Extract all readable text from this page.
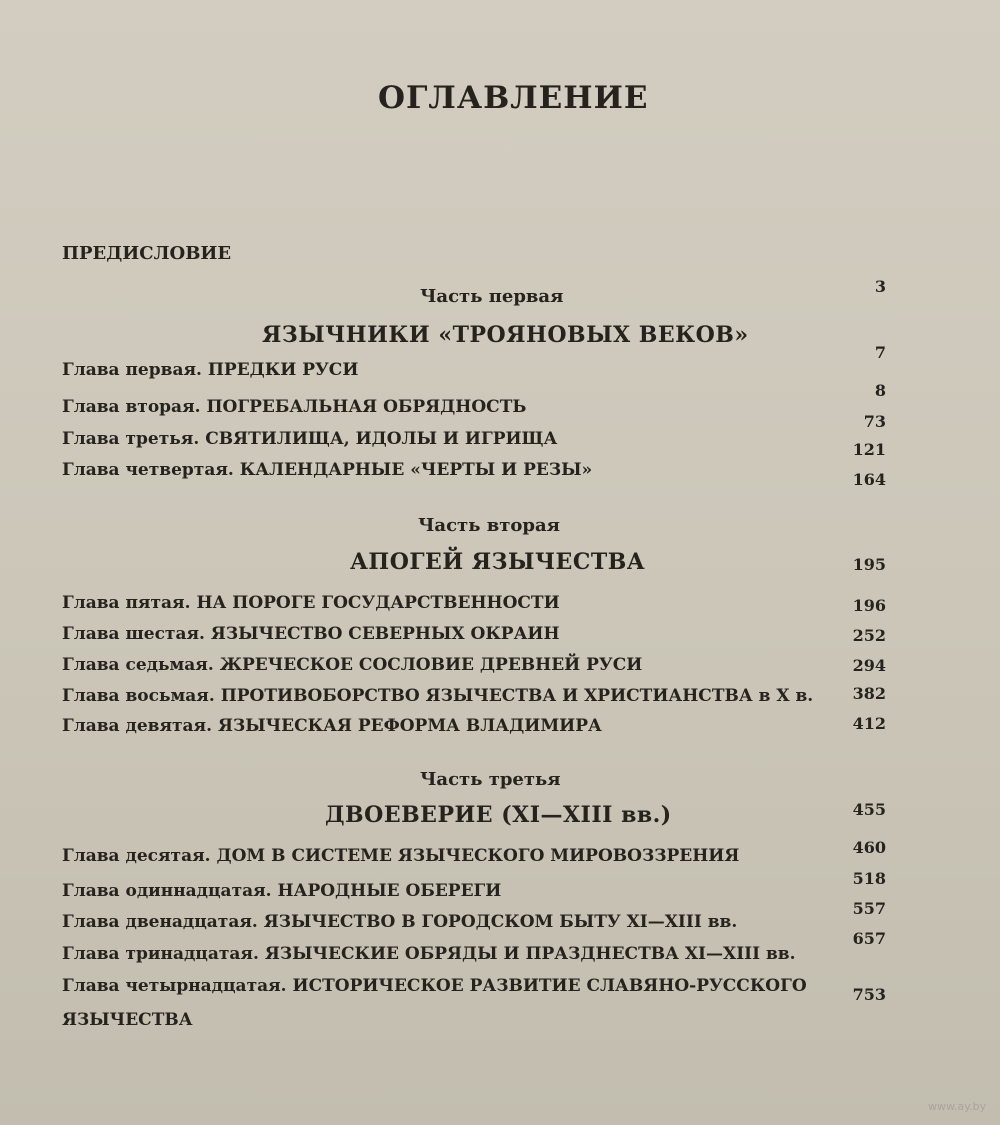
ОГЛАВЛЕНИЕ
ПРЕДИСЛОВИЕ
Часть первая
ЯЗЫЧНИКИ «ТРОЯНОВЫХ ВЕКОВ»
Глава первая. ПРЕДКИ РУСИ
Глава вторая. ПОГРЕБАЛЬНАЯ ОБРЯДНОСТЬ
Глава третья. СВЯТИЛИЩА, ИДОЛЫ И ИГРИЩА
Глава четвертая. КАЛЕНДАРНЫЕ «ЧЕРТЫ И РЕЗЫ»
Часть вторая
АПОГЕЙ ЯЗЫЧЕСТВА
Глава пятая. НА ПОРОГЕ ГОСУДАРСТВЕННОСТИ
Глава шестая. ЯЗЫЧЕСТВО СЕВЕРНЫХ ОКРАИН
Глава седьмая. ЖРЕЧЕСКОЕ СОСЛОВИЕ ДРЕВНЕЙ РУСИ
Глава восьмая. ПРОТИВОБОРСТВО ЯЗЫЧЕСТВА И ХРИСТИАНСТВА в X в.
Глава девятая. ЯЗЫЧЕСКАЯ РЕФОРМА ВЛАДИМИРА
Часть третья
ДВОЕВЕРИЕ (XI—XIII вв.)
Глава десятая. ДОМ В СИСТЕМЕ ЯЗЫЧЕСКОГО МИРОВОЗЗРЕНИЯ
Глава одиннадцатая. НАРОДНЫЕ ОБЕРЕГИ
Глава двенадцатая. ЯЗЫЧЕСТВО В ГОРОДСКОМ БЫТУ XI—XIII вв.
Глава тринадцатая. ЯЗЫЧЕСКИЕ ОБРЯДЫ И ПРАЗДНЕСТВА XI—XIII вв.
Глава четырнадцатая. ИСТОРИЧЕСКОЕ РАЗВИТИЕ СЛАВЯНО-РУССКОГО
ЯЗЫЧЕСТВА
3
7
8
73
121
164
195
196
252
294
382
412
455
460
518
557
657
753
www.ay.by
